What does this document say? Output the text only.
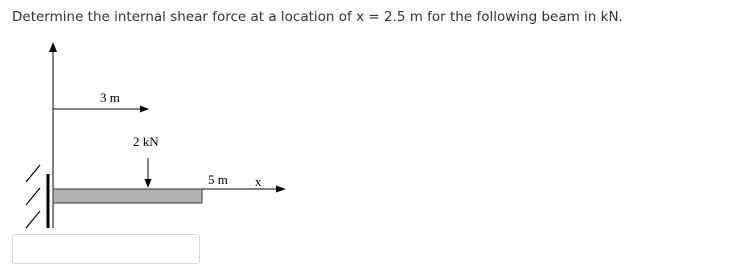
Determine the internal shear force at a location of x = 2.5 m for the following beam in kN.
3 m
2 kN
5 m x
